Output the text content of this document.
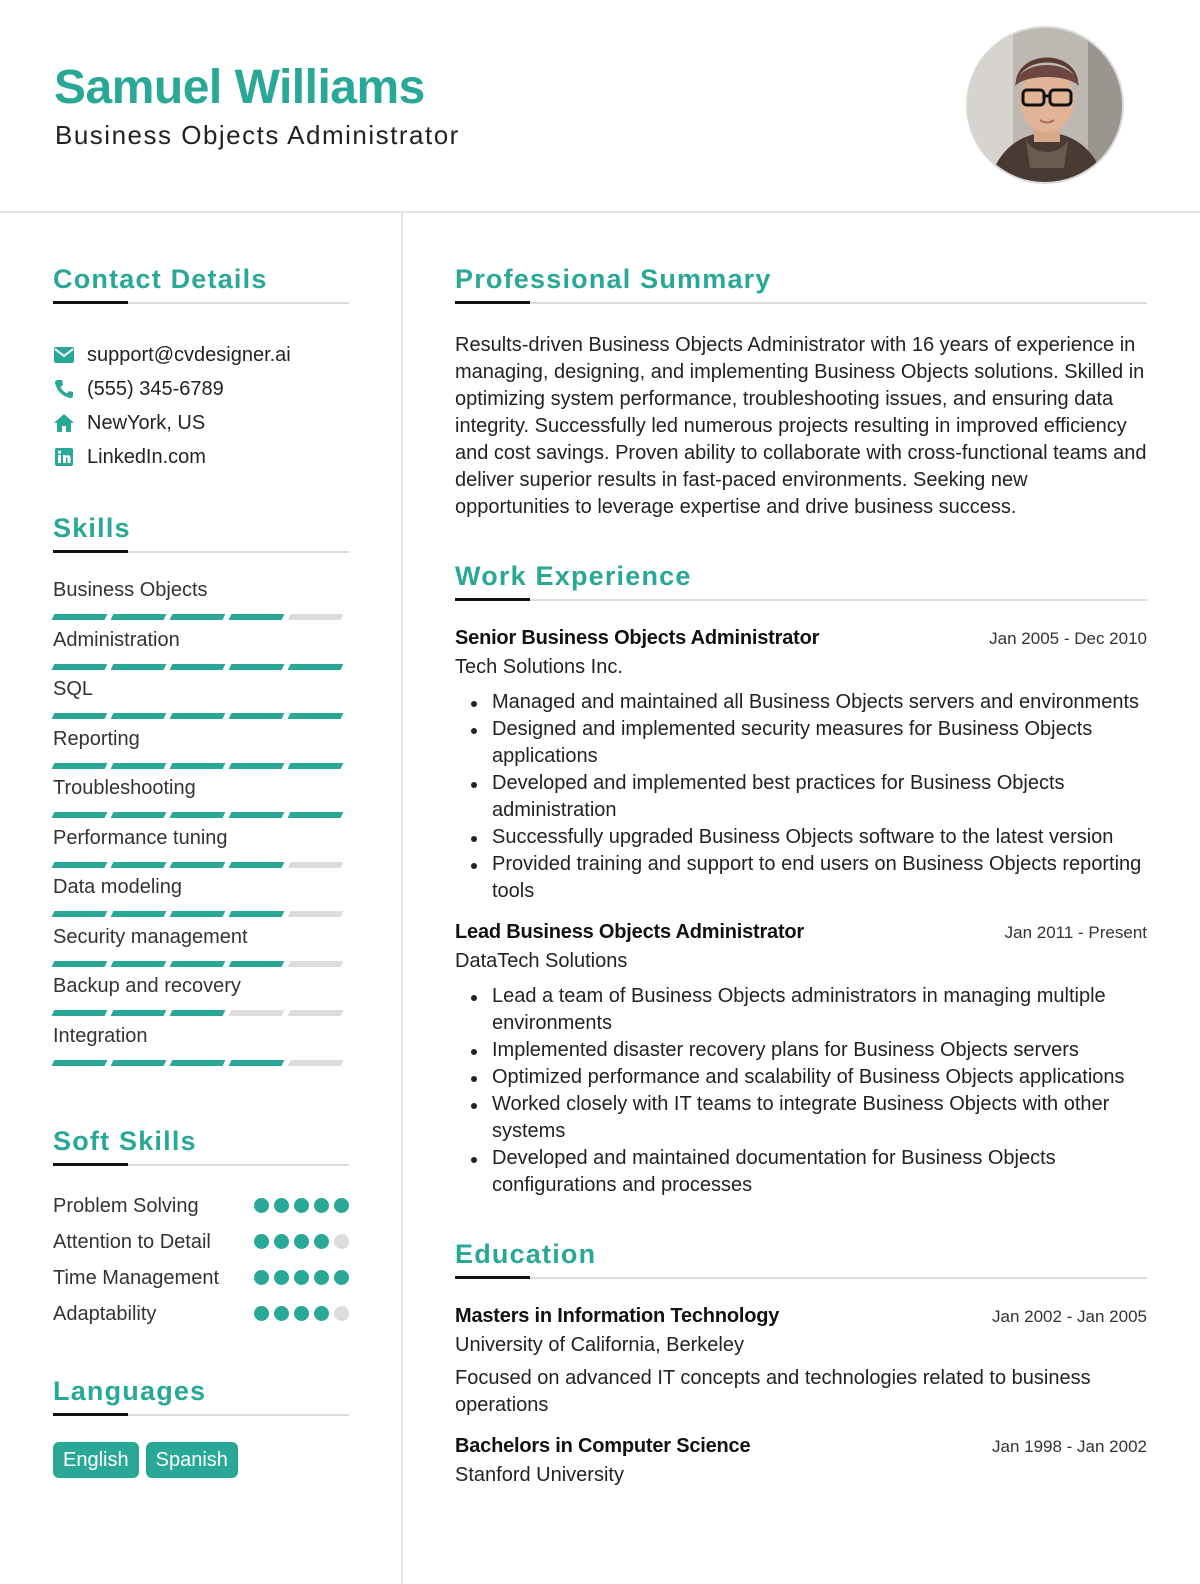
Samuel Williams
Business Objects Administrator
Contact Details
support@cvdesigner.ai
(555) 345-6789
NewYork, US
LinkedIn.com
Skills
Business Objects
Administration
SQL
Reporting
Troubleshooting
Performance tuning
Data modeling
Security management
Backup and recovery
Integration
Soft Skills
Problem Solving
Attention to Detail
Time Management
Adaptability
Languages
English	Spanish
Professional Summary

Results-driven Business Objects Administrator with 16 years of experience in managing, designing, and implementing Business Objects solutions. Skilled in optimizing system performance, troubleshooting issues, and ensuring data integrity. Successfully led numerous projects resulting in improved efficiency and cost savings. Proven ability to collaborate with cross-functional teams and deliver superior results in fast-paced environments. Seeking new opportunities to leverage expertise and drive business success.

Work Experience
Senior Business Objects Administrator	Jan 2005 - Dec 2010
Tech Solutions Inc.
Managed and maintained all Business Objects servers and environments
Designed and implemented security measures for Business Objects applications
Developed and implemented best practices for Business Objects administration
Successfully upgraded Business Objects software to the latest version
Provided training and support to end users on Business Objects reporting tools
Lead Business Objects Administrator	Jan 2011 - Present
DataTech Solutions
Lead a team of Business Objects administrators in managing multiple environments
Implemented disaster recovery plans for Business Objects servers
Optimized performance and scalability of Business Objects applications
Worked closely with IT teams to integrate Business Objects with other systems
Developed and maintained documentation for Business Objects configurations and processes
Education
Masters in Information Technology	Jan 2002 - Jan 2005
University of California, Berkeley

Focused on advanced IT concepts and technologies related to business operations

Bachelors in Computer Science	Jan 1998 - Jan 2002
Stanford University
